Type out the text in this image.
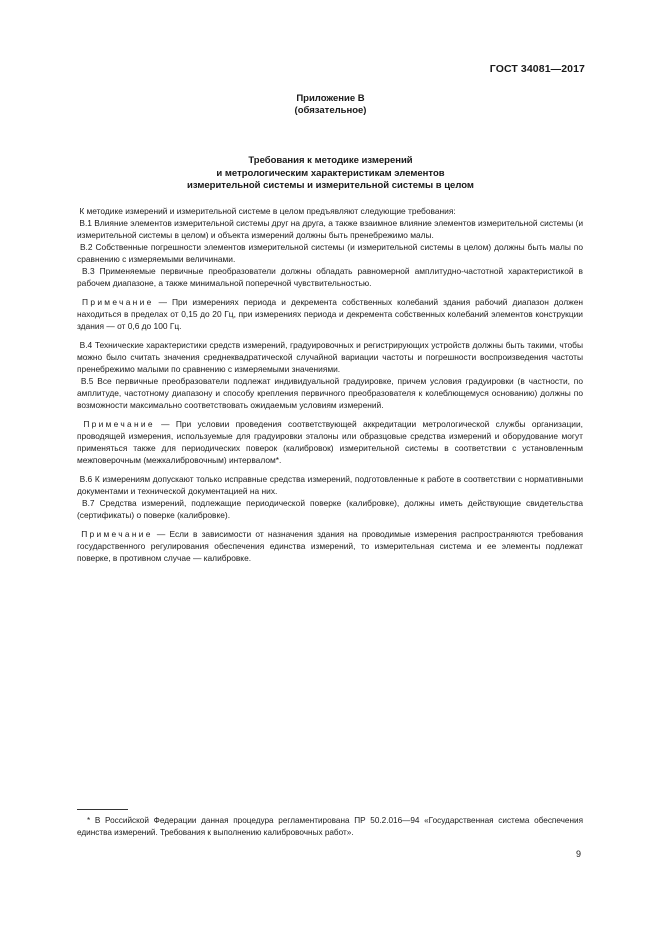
ГОСТ 34081—2017
Приложение В
(обязательное)
Требования к методике измерений
и метрологическим характеристикам элементов
измерительной системы и измерительной системы в целом

К методике измерений и измерительной системе в целом предъявляют следующие требования:

В.1 Влияние элементов измерительной системы друг на друга, а также взаимное влияние элементов измерительной системы (и измерительной системы в целом) и объекта измерений должны быть пренебрежимо малы.

В.2 Собственные погрешности элементов измерительной системы (и измерительной системы в целом) должны быть малы по сравнению с измеряемыми величинами.

В.3 Применяемые первичные преобразователи должны обладать равномерной амплитудно-частотной характеристикой в рабочем диапазоне, а также минимальной поперечной чувствительностью.

Примечание — При измерениях периода и декремента собственных колебаний здания рабочий диапазон должен находиться в пределах от 0,15 до 20 Гц, при измерениях периода и декремента собственных колебаний элементов конструкции здания — от 0,6 до 100 Гц.

В.4 Технические характеристики средств измерений, градуировочных и регистрирующих устройств должны быть такими, чтобы можно было считать значения среднеквадратической случайной вариации частоты и погрешности воспроизведения частоты пренебрежимо малыми по сравнению с измеряемыми значениями.

В.5 Все первичные преобразователи подлежат индивидуальной градуировке, причем условия градуировки (в частности, по амплитуде, частотному диапазону и способу крепления первичного преобразователя к колеблющемуся основанию) должны по возможности максимально соответствовать ожидаемым условиям измерений.

Примечание — При условии проведения соответствующей аккредитации метрологической службы организации, проводящей измерения, используемые для градуировки эталоны или образцовые средства измерений и оборудование могут применяться также для периодических поверок (калибровок) измерительной системы в соответствии с установленным межповерочным (межкалибровочным) интервалом*.

В.6 К измерениям допускают только исправные средства измерений, подготовленные к работе в соответствии с нормативными документами и технической документацией на них.

В.7 Средства измерений, подлежащие периодической поверке (калибровке), должны иметь действующие свидетельства (сертификаты) о поверке (калибровке).

Примечание — Если в зависимости от назначения здания на проводимые измерения распространяются требования государственного регулирования обеспечения единства измерений, то измерительная система и ее элементы подлежат поверке, в противном случае — калибровке.

* В Российской Федерации данная процедура регламентирована ПР 50.2.016—94 «Государственная система обеспечения единства измерений. Требования к выполнению калибровочных работ».
9
